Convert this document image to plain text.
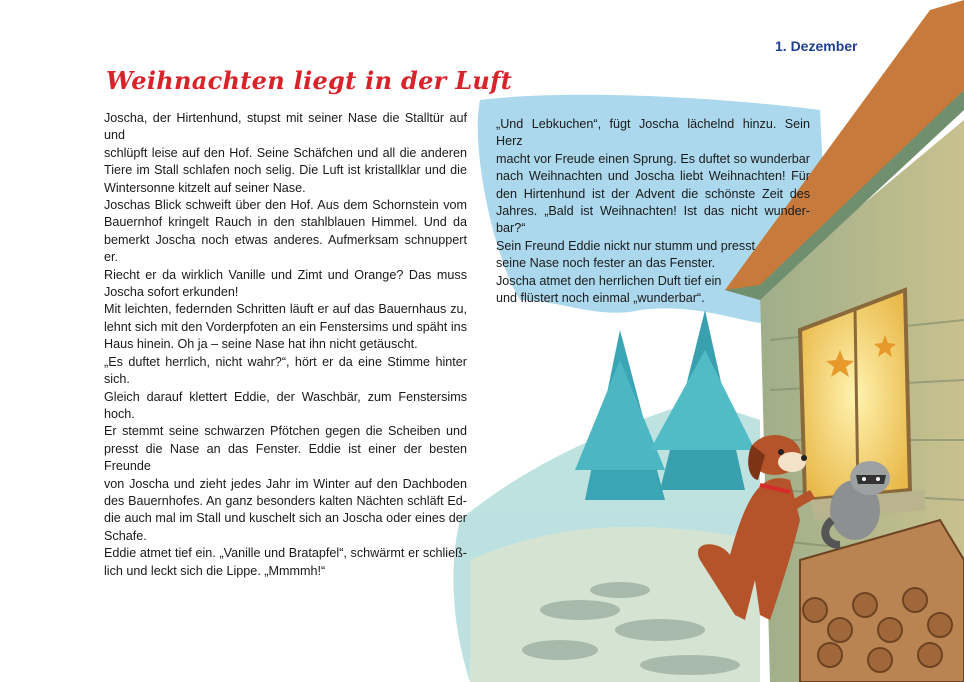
1. Dezember
Weihnachten liegt in der Luft
Joscha, der Hirtenhund, stupst mit seiner Nase die Stalltür auf und
schlüpft leise auf den Hof. Seine Schäfchen und all die anderen
Tiere im Stall schlafen noch selig. Die Luft ist kristallklar und die
Wintersonne kitzelt auf seiner Nase.
Joschas Blick schweift über den Hof. Aus dem Schornstein vom
Bauernhof kringelt Rauch in den stahlblauen Himmel. Und da
bemerkt Joscha noch etwas anderes. Aufmerksam schnuppert er.
Riecht er da wirklich Vanille und Zimt und Orange? Das muss
Joscha sofort erkunden!
Mit leichten, federnden Schritten läuft er auf das Bauernhaus zu,
lehnt sich mit den Vorderpfoten an ein Fenstersims und späht ins
Haus hinein. Oh ja – seine Nase hat ihn nicht getäuscht.
„Es duftet herrlich, nicht wahr?“, hört er da eine Stimme hinter sich.
Gleich darauf klettert Eddie, der Waschbär, zum Fenstersims hoch.
Er stemmt seine schwarzen Pfötchen gegen die Scheiben und
presst die Nase an das Fenster. Eddie ist einer der besten Freunde
von Joscha und zieht jedes Jahr im Winter auf den Dachboden
des Bauernhofes. An ganz besonders kalten Nächten schläft Ed-
die auch mal im Stall und kuschelt sich an Joscha oder eines der
Schafe.
Eddie atmet tief ein. „Vanille und Bratapfel“, schwärmt er schließ-
lich und leckt sich die Lippe. „Mmmmh!“
„Und Lebkuchen“, fügt Joscha lächelnd hinzu. Sein Herz
macht vor Freude einen Sprung. Es duftet so wunderbar
nach Weihnachten und Joscha liebt Weihnachten! Für
den Hirtenhund ist der Advent die schönste Zeit des
Jahres. „Bald ist Weihnachten! Ist das nicht wunder-
bar?“
Sein Freund Eddie nickt nur stumm und presst
seine Nase noch fester an das Fenster.
Joscha atmet den herrlichen Duft tief ein
und flüstert noch einmal „wunderbar“.
